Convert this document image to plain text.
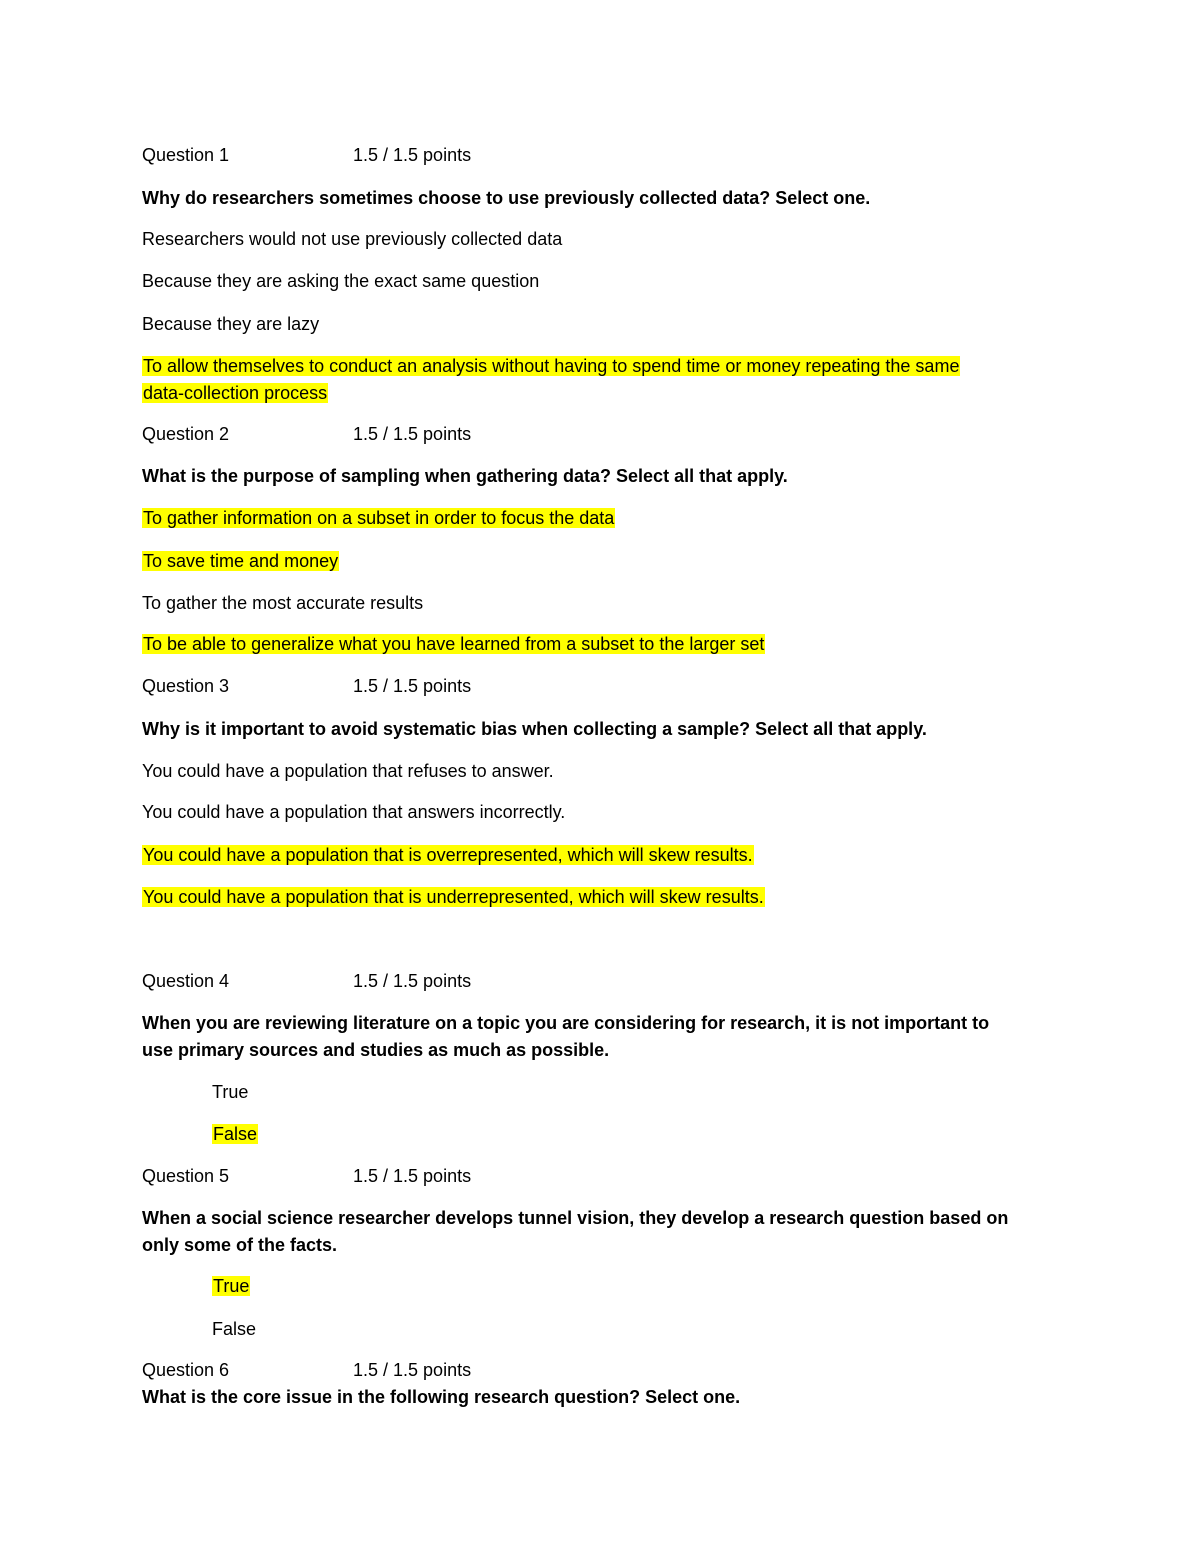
Question 1	1.5 / 1.5 points
Why do researchers sometimes choose to use previously collected data? Select one.
Researchers would not use previously collected data
Because they are asking the exact same question
Because they are lazy
To allow themselves to conduct an analysis without having to spend time or money repeating the same
data-collection process
Question 2	1.5 / 1.5 points
What is the purpose of sampling when gathering data? Select all that apply.
To gather information on a subset in order to focus the data
To save time and money
To gather the most accurate results
To be able to generalize what you have learned from a subset to the larger set
Question 3	1.5 / 1.5 points
Why is it important to avoid systematic bias when collecting a sample? Select all that apply.
You could have a population that refuses to answer.
You could have a population that answers incorrectly.
You could have a population that is overrepresented, which will skew results.
You could have a population that is underrepresented, which will skew results.
Question 4	1.5 / 1.5 points
When you are reviewing literature on a topic you are considering for research, it is not important to
use primary sources and studies as much as possible.
True
False
Question 5	1.5 / 1.5 points
When a social science researcher develops tunnel vision, they develop a research question based on
only some of the facts.
True
False
Question 6	1.5 / 1.5 points
What is the core issue in the following research question? Select one.
